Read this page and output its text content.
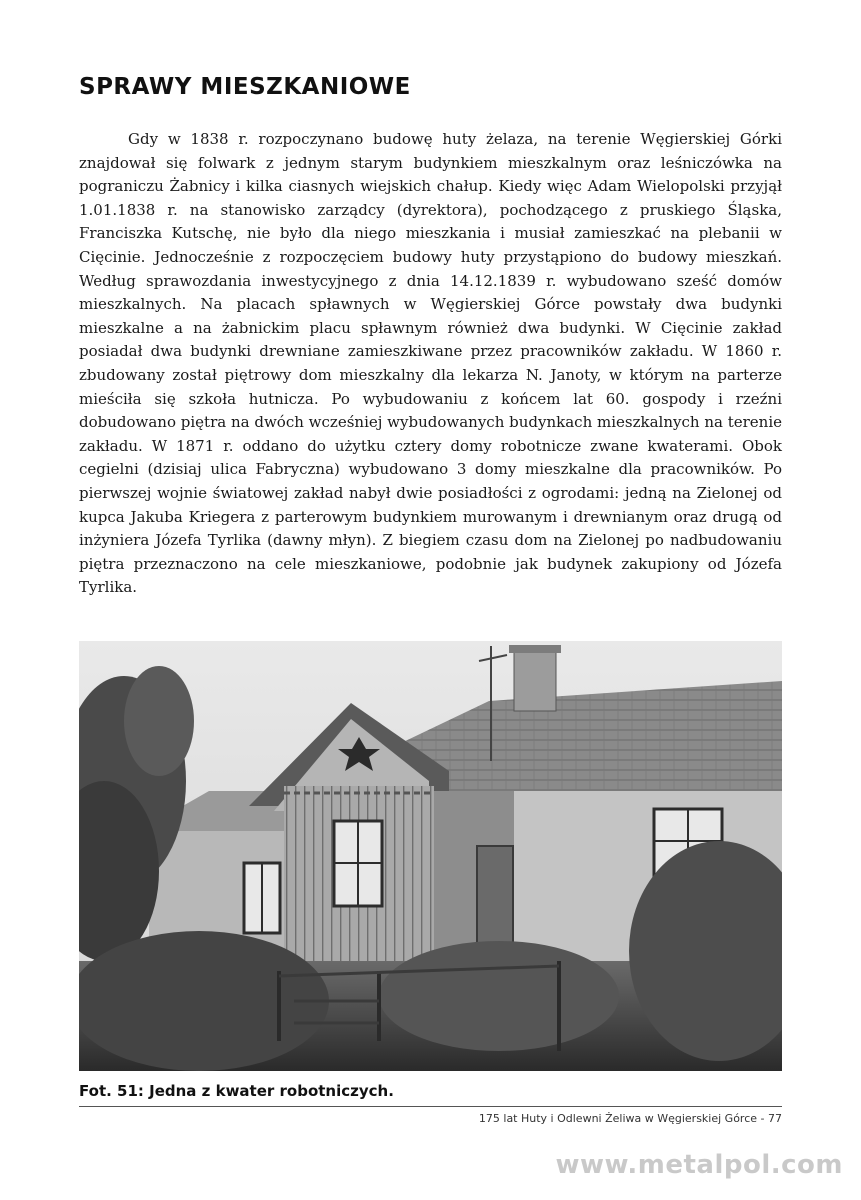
SPRAWY MIESZKANIOWE

Gdy w 1838 r. rozpoczynano budowę huty żelaza, na terenie Węgierskiej Górki znajdował się folwark z jednym starym budynkiem mieszkalnym oraz leśniczówka na pograniczu Żabnicy i kilka ciasnych wiejskich chałup. Kiedy więc Adam Wielopolski przyjął 1.01.1838 r. na stanowisko zarządcy (dyrektora), pochodzącego z pruskiego Śląska, Franciszka Kutschę, nie było dla niego mieszkania i musiał zamieszkać na plebanii w Cięcinie. Jednocześnie z rozpoczęciem budowy huty przystąpiono do budowy mieszkań. Według sprawozdania inwestycyjnego z dnia 14.12.1839 r. wybudowano sześć domów mieszkalnych. Na placach spławnych w Węgierskiej Górce powstały dwa budynki mieszkalne a na żabnickim placu spławnym również dwa budynki. W Cięcinie zakład posiadał dwa budynki drewniane zamieszkiwane przez pracowników zakładu. W 1860 r. zbudowany został piętrowy dom mieszkalny dla lekarza N. Janoty, w którym na parterze mieściła się szkoła hutnicza. Po wybudowaniu z końcem lat 60. gospody i rzeźni dobudowano piętra na dwóch wcześniej wybudowanych budynkach mieszkalnych na terenie zakładu. W 1871 r. oddano do użytku cztery domy robotnicze zwane kwaterami. Obok cegielni (dzisiaj ulica Fabryczna) wybudowano 3 domy mieszkalne dla pracowników. Po pierwszej wojnie światowej zakład nabył dwie posiadłości z ogrodami: jedną na Zielonej od kupca Jakuba Kriegera z parterowym budynkiem murowanym i drewnianym oraz drugą od inżyniera Józefa Tyrlika (dawny młyn). Z biegiem czasu dom na Zielonej po nadbudowaniu piętra przeznaczono na cele mieszkaniowe, podobnie jak budynek zakupiony od Józefa Tyrlika.

Fot. 51: Jedna z kwater robotniczych.
175 lat Huty i Odlewni Żeliwa w Węgierskiej Górce - 77
www.metalpol.com
